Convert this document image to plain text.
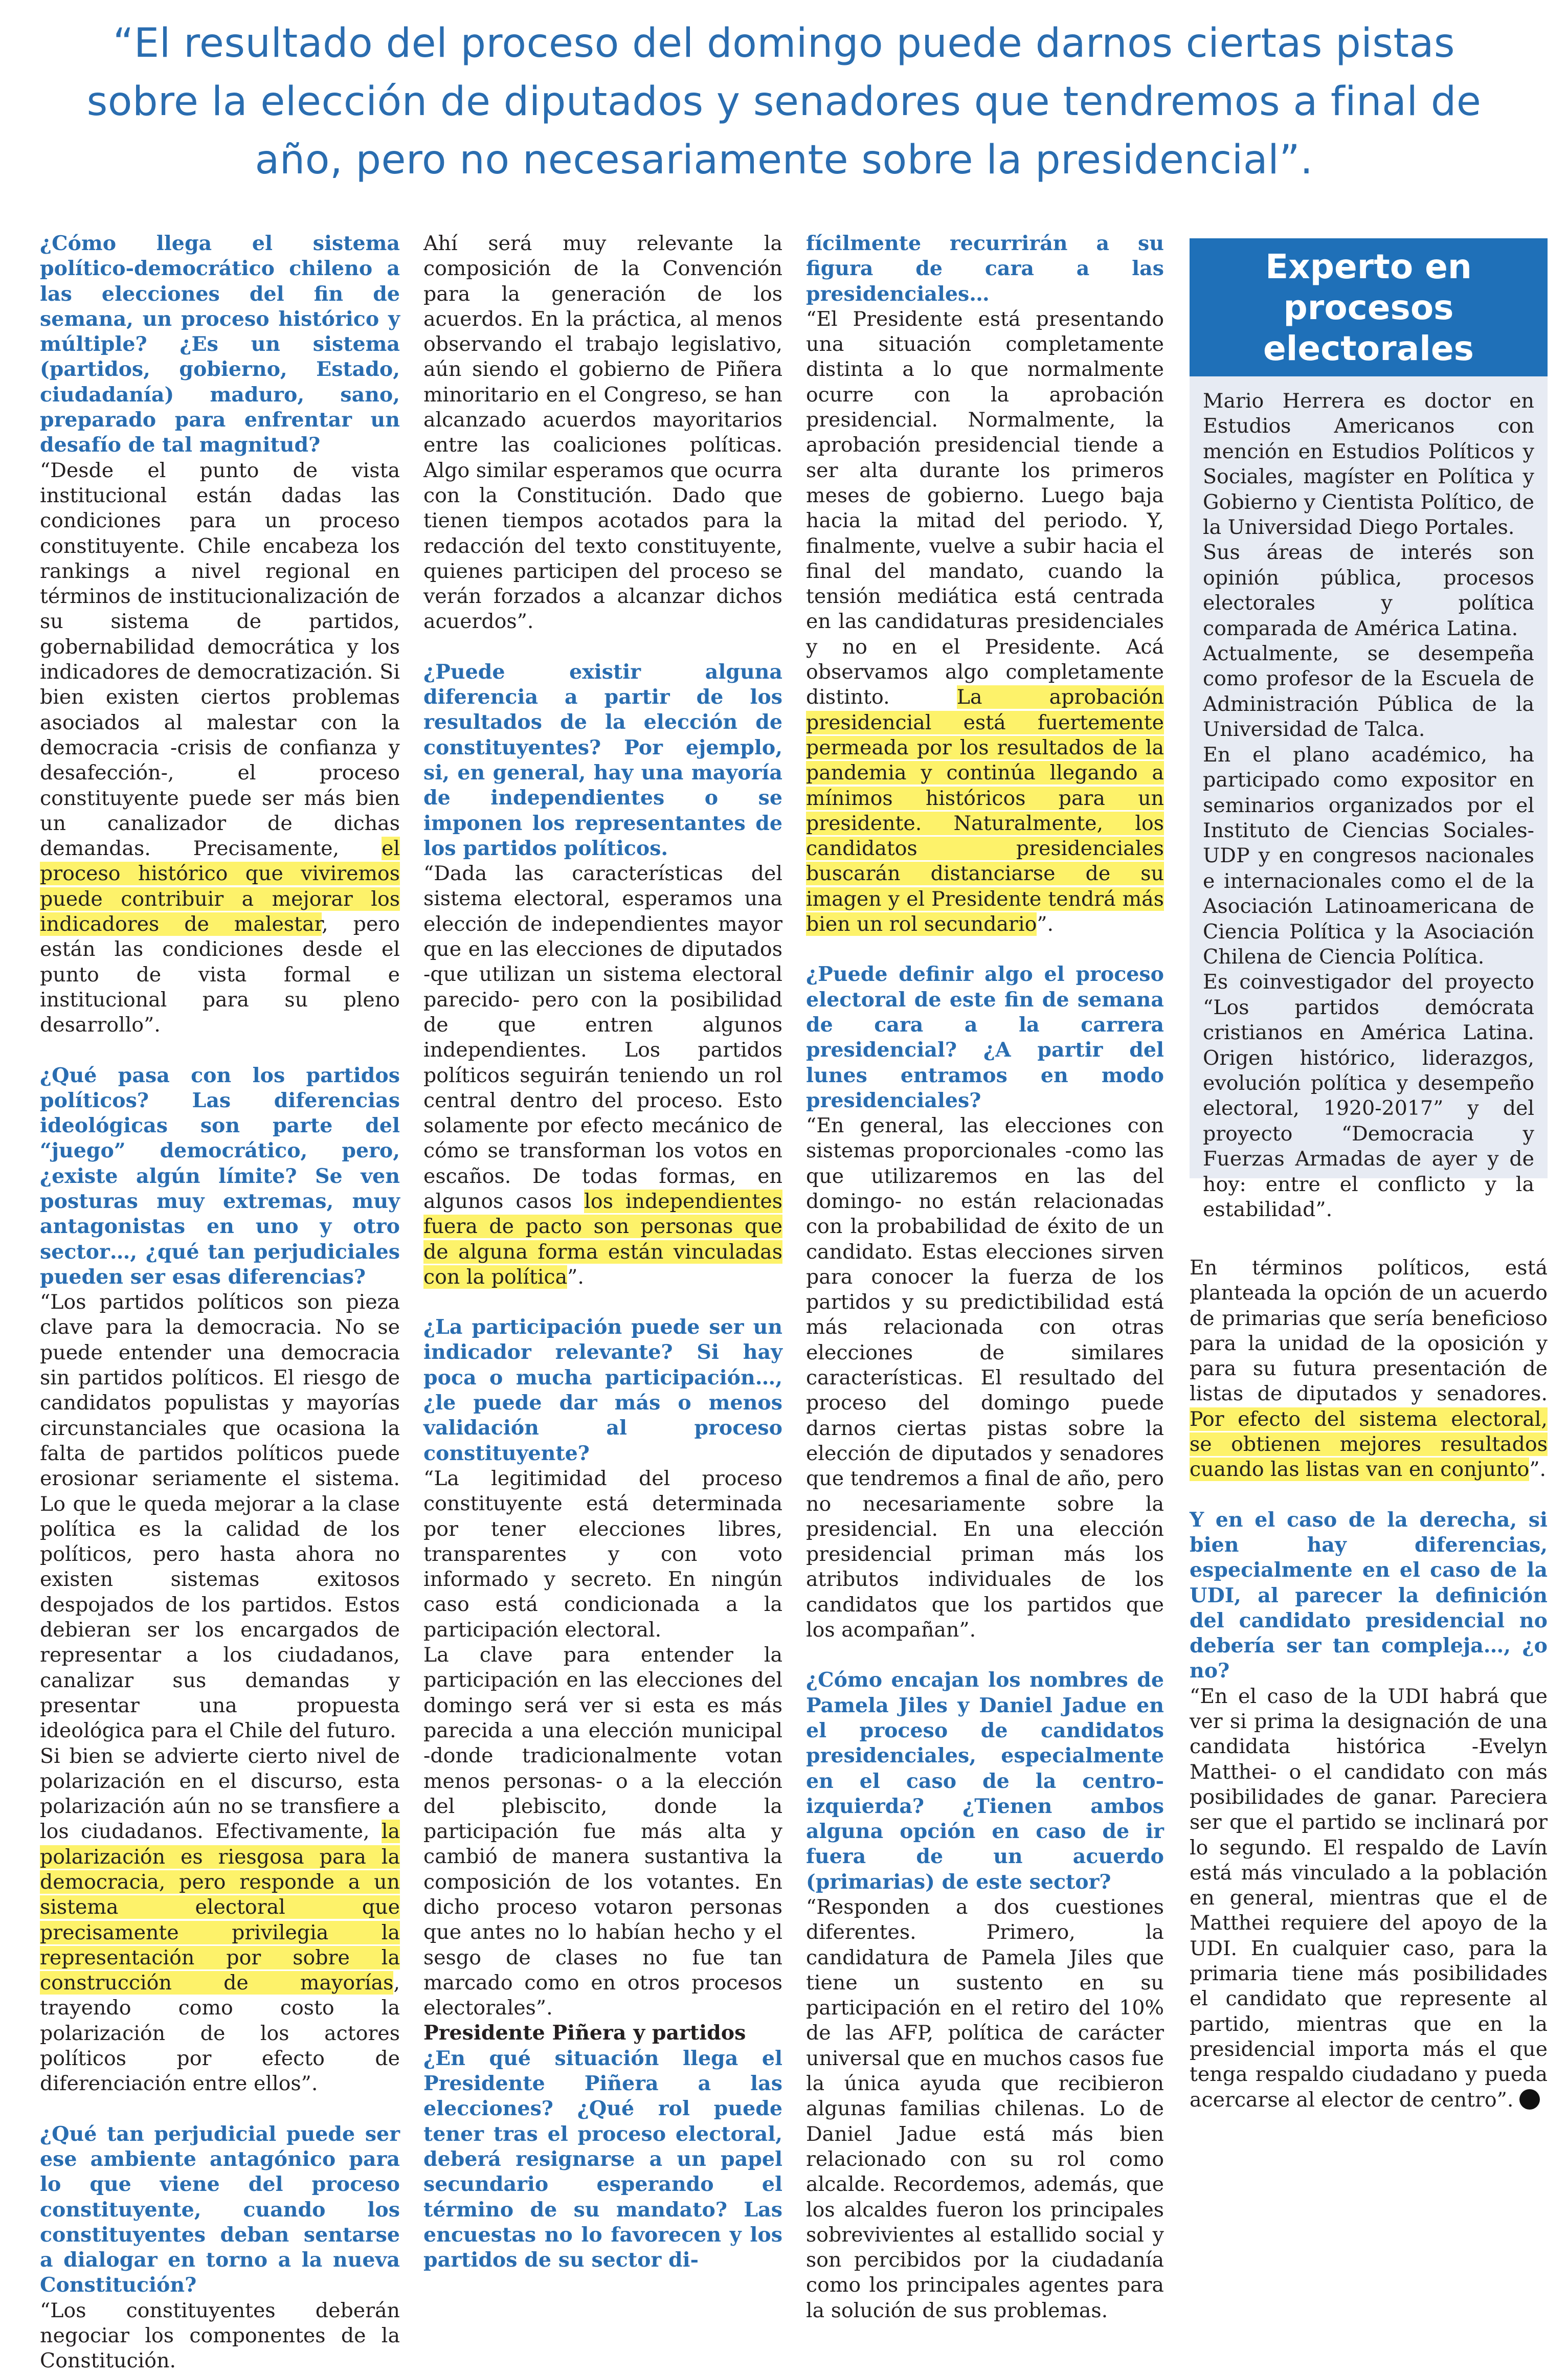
“El resultado del proceso del domingo puede darnos ciertas pistas sobre la elección de diputados y senadores que tendremos a final de año, pero no necesariamente sobre la presidencial”.

¿Cómo llega el sistema político-democrático chileno a las elecciones del fin de semana, un proceso histórico y múltiple? ¿Es un sistema (partidos, gobierno, Estado, ciudadanía) maduro, sano, preparado para enfrentar un desafío de tal magnitud?

“Desde el punto de vista institucional están dadas las condiciones para un proceso constituyente. Chile encabeza los rankings a nivel regional en términos de institucionalización de su sistema de partidos, gobernabilidad democrática y los indicadores de democratización. Si bien existen ciertos problemas asociados al malestar con la democracia -crisis de confianza y desafección-, el proceso constituyente puede ser más bien un canalizador de dichas demandas. Precisamente, el proceso histórico que viviremos puede contribuir a mejorar los indicadores de malestar, pero están las condiciones desde el punto de vista formal e institucional para su pleno desarrollo”.

¿Qué pasa con los partidos políticos? Las diferencias ideológicas son parte del “juego” democrático, pero, ¿existe algún límite? Se ven posturas muy extremas, muy antagonistas en uno y otro sector…, ¿qué tan perjudiciales pueden ser esas diferencias?

“Los partidos políticos son pieza clave para la democracia. No se puede entender una democracia sin partidos políticos. El riesgo de candidatos populistas y mayorías circunstanciales que ocasiona la falta de partidos políticos puede erosionar seriamente el sistema. Lo que le queda mejorar a la clase política es la calidad de los políticos, pero hasta ahora no existen sistemas exitosos despojados de los partidos. Estos debieran ser los encargados de representar a los ciudadanos, canalizar sus demandas y presentar una propuesta ideológica para el Chile del futuro.

Si bien se advierte cierto nivel de polarización en el discurso, esta polarización aún no se transfiere a los ciudadanos. Efectivamente, la polarización es riesgosa para la democracia, pero responde a un sistema electoral que precisamente privilegia la representación por sobre la construcción de mayorías, trayendo como costo la polarización de los actores políticos por efecto de diferenciación entre ellos”.

¿Qué tan perjudicial puede ser ese ambiente antagónico para lo que viene del proceso constituyente, cuando los constituyentes deban sentarse a dialogar en torno a la nueva Constitución?

“Los constituyentes deberán negociar los componentes de la Constitución.

Ahí será muy relevante la composición de la Convención para la generación de los acuerdos. En la práctica, al menos observando el trabajo legislativo, aún siendo el gobierno de Piñera minoritario en el Congreso, se han alcanzado acuerdos mayoritarios entre las coaliciones políticas. Algo similar esperamos que ocurra con la Constitución. Dado que tienen tiempos acotados para la redacción del texto constituyente, quienes participen del proceso se verán forzados a alcanzar dichos acuerdos”.

¿Puede existir alguna diferencia a partir de los resultados de la elección de constituyentes? Por ejemplo, si, en general, hay una mayoría de independientes o se imponen los representantes de los partidos políticos.

“Dada las características del sistema electoral, esperamos una elección de independientes mayor que en las elecciones de diputados -que utilizan un sistema electoral parecido- pero con la posibilidad de que entren algunos independientes. Los partidos políticos seguirán teniendo un rol central dentro del proceso. Esto solamente por efecto mecánico de cómo se transforman los votos en escaños. De todas formas, en algunos casos los independientes fuera de pacto son personas que de alguna forma están vinculadas con la política”.

¿La participación puede ser un indicador relevante? Si hay poca o mucha participación…, ¿le puede dar más o menos validación al proceso constituyente?

“La legitimidad del proceso constituyente está determinada por tener elecciones libres, transparentes y con voto informado y secreto. En ningún caso está condicionada a la participación electoral.

La clave para entender la participación en las elecciones del domingo será ver si esta es más parecida a una elección municipal -donde tradicionalmente votan menos personas- o a la elección del plebiscito, donde la participación fue más alta y cambió de manera sustantiva la composición de los votantes. En dicho proceso votaron personas que antes no lo habían hecho y el sesgo de clases no fue tan marcado como en otros procesos electorales”.

Presidente Piñera y partidos

¿En qué situación llega el Presidente Piñera a las elecciones? ¿Qué rol puede tener tras el proceso electoral, deberá resignarse a un papel secundario esperando el término de su mandato? Las encuestas no lo favorecen y los partidos de su sector di-

fícilmente recurrirán a su figura de cara a las presidenciales…

“El Presidente está presentando una situación completamente distinta a lo que normalmente ocurre con la aprobación presidencial. Normalmente, la aprobación presidencial tiende a ser alta durante los primeros meses de gobierno. Luego baja hacia la mitad del periodo. Y, finalmente, vuelve a subir hacia el final del mandato, cuando la tensión mediática está centrada en las candidaturas presidenciales y no en el Presidente. Acá observamos algo completamente distinto. La aprobación presidencial está fuertemente permeada por los resultados de la pandemia y continúa llegando a mínimos históricos para un presidente. Naturalmente, los candidatos presidenciales buscarán distanciarse de su imagen y el Presidente tendrá más bien un rol secundario”.

¿Puede definir algo el proceso electoral de este fin de semana de cara a la carrera presidencial? ¿A partir del lunes entramos en modo presidenciales?

“En general, las elecciones con sistemas proporcionales -como las que utilizaremos en las del domingo- no están relacionadas con la probabilidad de éxito de un candidato. Estas elecciones sirven para conocer la fuerza de los partidos y su predictibilidad está más relacionada con otras elecciones de similares características. El resultado del proceso del domingo puede darnos ciertas pistas sobre la elección de diputados y senadores que tendremos a final de año, pero no necesariamente sobre la presidencial. En una elección presidencial priman más los atributos individuales de los candidatos que los partidos que los acompañan”.

¿Cómo encajan los nombres de Pamela Jiles y Daniel Jadue en el proceso de candidatos presidenciales, especialmente en el caso de la centro-izquierda? ¿Tienen ambos alguna opción en caso de ir fuera de un acuerdo (primarias) de este sector?

“Responden a dos cuestiones diferentes. Primero, la candidatura de Pamela Jiles que tiene un sustento en su participación en el retiro del 10% de las AFP, política de carácter universal que en muchos casos fue la única ayuda que recibieron algunas familias chilenas. Lo de Daniel Jadue está más bien relacionado con su rol como alcalde. Recordemos, además, que los alcaldes fueron los principales sobrevivientes al estallido social y son percibidos por la ciudadanía como los principales agentes para la solución de sus problemas.

Experto en
procesos
electorales

Mario Herrera es doctor en Estudios Americanos con mención en Estudios Políticos y Sociales, magíster en Política y Gobierno y Cientista Político, de la Universidad Diego Portales.

Sus áreas de interés son opinión pública, procesos electorales y política comparada de América Latina.

Actualmente, se desempeña como profesor de la Escuela de Administración Pública de la Universidad de Talca.

En el plano académico, ha participado como expositor en seminarios organizados por el Instituto de Ciencias Sociales-UDP y en congresos nacionales e internacionales como el de la Asociación Latinoamericana de Ciencia Política y la Asociación Chilena de Ciencia Política.

Es coinvestigador del proyecto “Los partidos demócrata cristianos en América Latina. Origen histórico, liderazgos, evolución política y desempeño electoral, 1920-2017” y del proyecto “Democracia y Fuerzas Armadas de ayer y de hoy: entre el conflicto y la estabilidad”.

En términos políticos, está planteada la opción de un acuerdo de primarias que sería beneficioso para la unidad de la oposición y para su futura presentación de listas de diputados y senadores. Por efecto del sistema electoral, se obtienen mejores resultados cuando las listas van en conjunto”.

Y en el caso de la derecha, si bien hay diferencias, especialmente en el caso de la UDI, al parecer la definición del candidato presidencial no debería ser tan compleja…, ¿o no?

“En el caso de la UDI habrá que ver si prima la designación de una candidata histórica -Evelyn Matthei- o el candidato con más posibilidades de ganar. Pareciera ser que el partido se inclinará por lo segundo. El respaldo de Lavín está más vinculado a la población en general, mientras que el de Matthei requiere del apoyo de la UDI. En cualquier caso, para la primaria tiene más posibilidades el candidato que represente al partido, mientras que en la presidencial importa más el que tenga respaldo ciudadano y pueda acercarse al elector de centro”.
